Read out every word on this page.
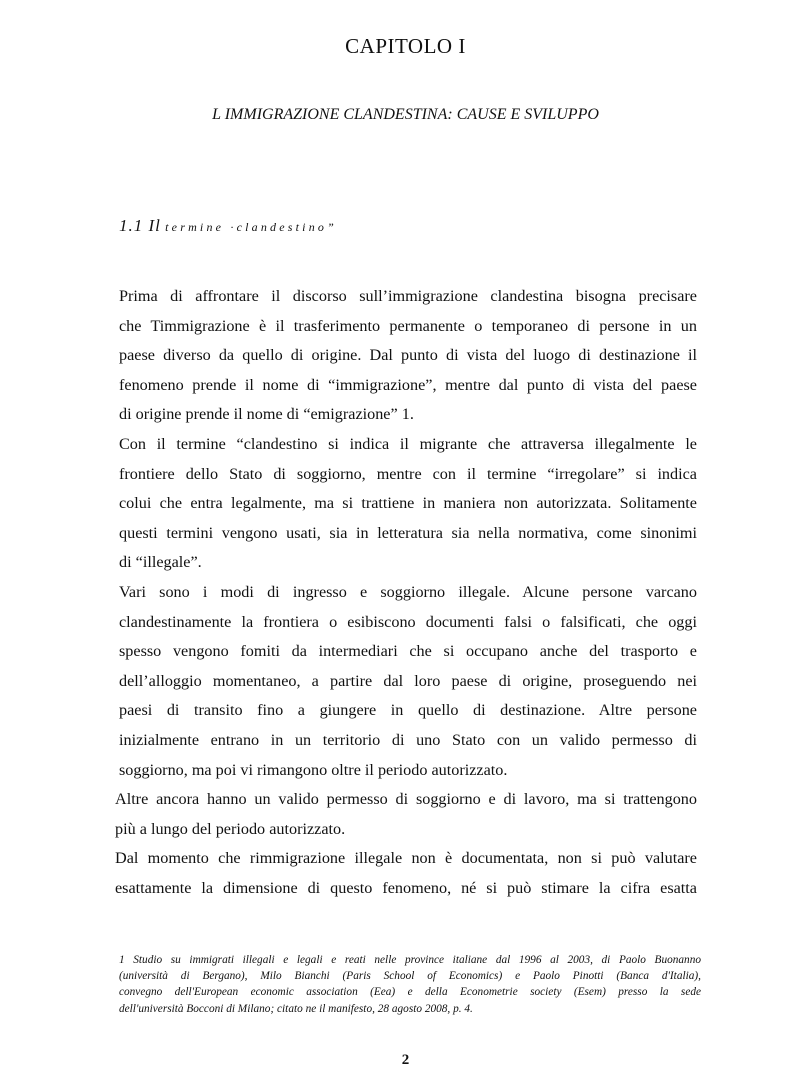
CAPITOLO I
L IMMIGRAZIONE CLANDESTINA: CAUSE E SVILUPPO
1.1 Il termine ·clandestino”
Prima di affrontare il discorso sull’immigrazione clandestina bisogna precisare
che Timmigrazione è il trasferimento permanente o temporaneo di persone in un
paese diverso da quello di origine. Dal punto di vista del luogo di destinazione il
fenomeno prende il nome di “immigrazione”, mentre dal punto di vista del paese
di origine prende il nome di “emigrazione” 1.
Con il termine “clandestino si indica il migrante che attraversa illegalmente le
frontiere dello Stato di soggiorno, mentre con il termine “irregolare” si indica
colui che entra legalmente, ma si trattiene in maniera non autorizzata. Solitamente
questi termini vengono usati, sia in letteratura sia nella normativa, come sinonimi
di “illegale”.
Vari sono i modi di ingresso e soggiorno illegale. Alcune persone varcano
clandestinamente la frontiera o esibiscono documenti falsi o falsificati, che oggi
spesso vengono fomiti da intermediari che si occupano anche del trasporto e
dell’alloggio momentaneo, a partire dal loro paese di origine, proseguendo nei
paesi di transito fino a giungere in quello di destinazione. Altre persone
inizialmente entrano in un territorio di uno Stato con un valido permesso di
soggiorno, ma poi vi rimangono oltre il periodo autorizzato.
Altre ancora hanno un valido permesso di soggiorno e di lavoro, ma si trattengono
più a lungo del periodo autorizzato.
Dal momento che rimmigrazione illegale non è documentata, non si può valutare
esattamente la dimensione di questo fenomeno, né si può stimare la cifra esatta
1 Studio su immigrati illegali e legali e reati nelle province italiane dal 1996 al 2003, di Paolo Buonanno
(università di Bergano), Milo Bianchi (Paris School of Economics) e Paolo Pinotti (Banca d'Italia),
convegno dell'European economic association (Eea) e della Econometrie society (Esem) presso la sede
dell'università Bocconi di Milano; citato ne il manifesto, 28 agosto 2008, p. 4.
2
